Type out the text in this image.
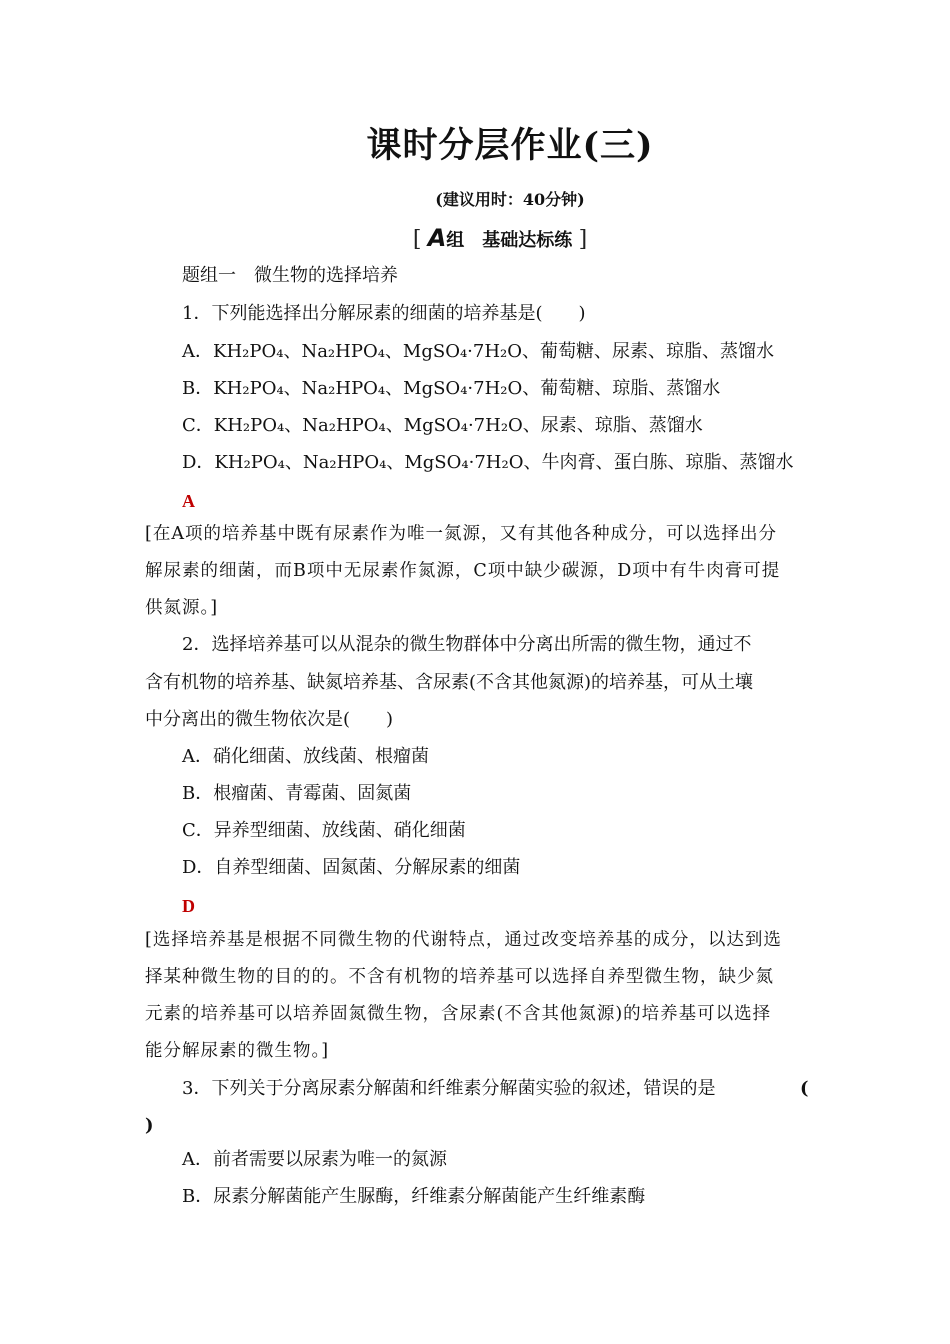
课时分层作业(三)
(建议用时：40分钟)
[ A组　基础达标练 ]
题组一　微生物的选择培养
1．下列能选择出分解尿素的细菌的培养基是(　　)
A．KH₂PO₄、Na₂HPO₄、MgSO₄·7H₂O、葡萄糖、尿素、琼脂、蒸馏水
B．KH₂PO₄、Na₂HPO₄、MgSO₄·7H₂O、葡萄糖、琼脂、蒸馏水
C．KH₂PO₄、Na₂HPO₄、MgSO₄·7H₂O、尿素、琼脂、蒸馏水
D．KH₂PO₄、Na₂HPO₄、MgSO₄·7H₂O、牛肉膏、蛋白胨、琼脂、蒸馏水
A
[在A项的培养基中既有尿素作为唯一氮源，又有其他各种成分，可以选择出分
解尿素的细菌，而B项中无尿素作氮源，C项中缺少碳源，D项中有牛肉膏可提
供氮源。]
2．选择培养基可以从混杂的微生物群体中分离出所需的微生物，通过不
含有机物的培养基、缺氮培养基、含尿素(不含其他氮源)的培养基，可从土壤
中分离出的微生物依次是(　　)
A．硝化细菌、放线菌、根瘤菌
B．根瘤菌、青霉菌、固氮菌
C．异养型细菌、放线菌、硝化细菌
D．自养型细菌、固氮菌、分解尿素的细菌
D
[选择培养基是根据不同微生物的代谢特点，通过改变培养基的成分，以达到选
择某种微生物的目的的。不含有机物的培养基可以选择自养型微生物，缺少氮
元素的培养基可以培养固氮微生物，含尿素(不含其他氮源)的培养基可以选择
能分解尿素的微生物。]
3．下列关于分离尿素分解菌和纤维素分解菌实验的叙述，错误的是	(
)
A．前者需要以尿素为唯一的氮源
B．尿素分解菌能产生脲酶，纤维素分解菌能产生纤维素酶
